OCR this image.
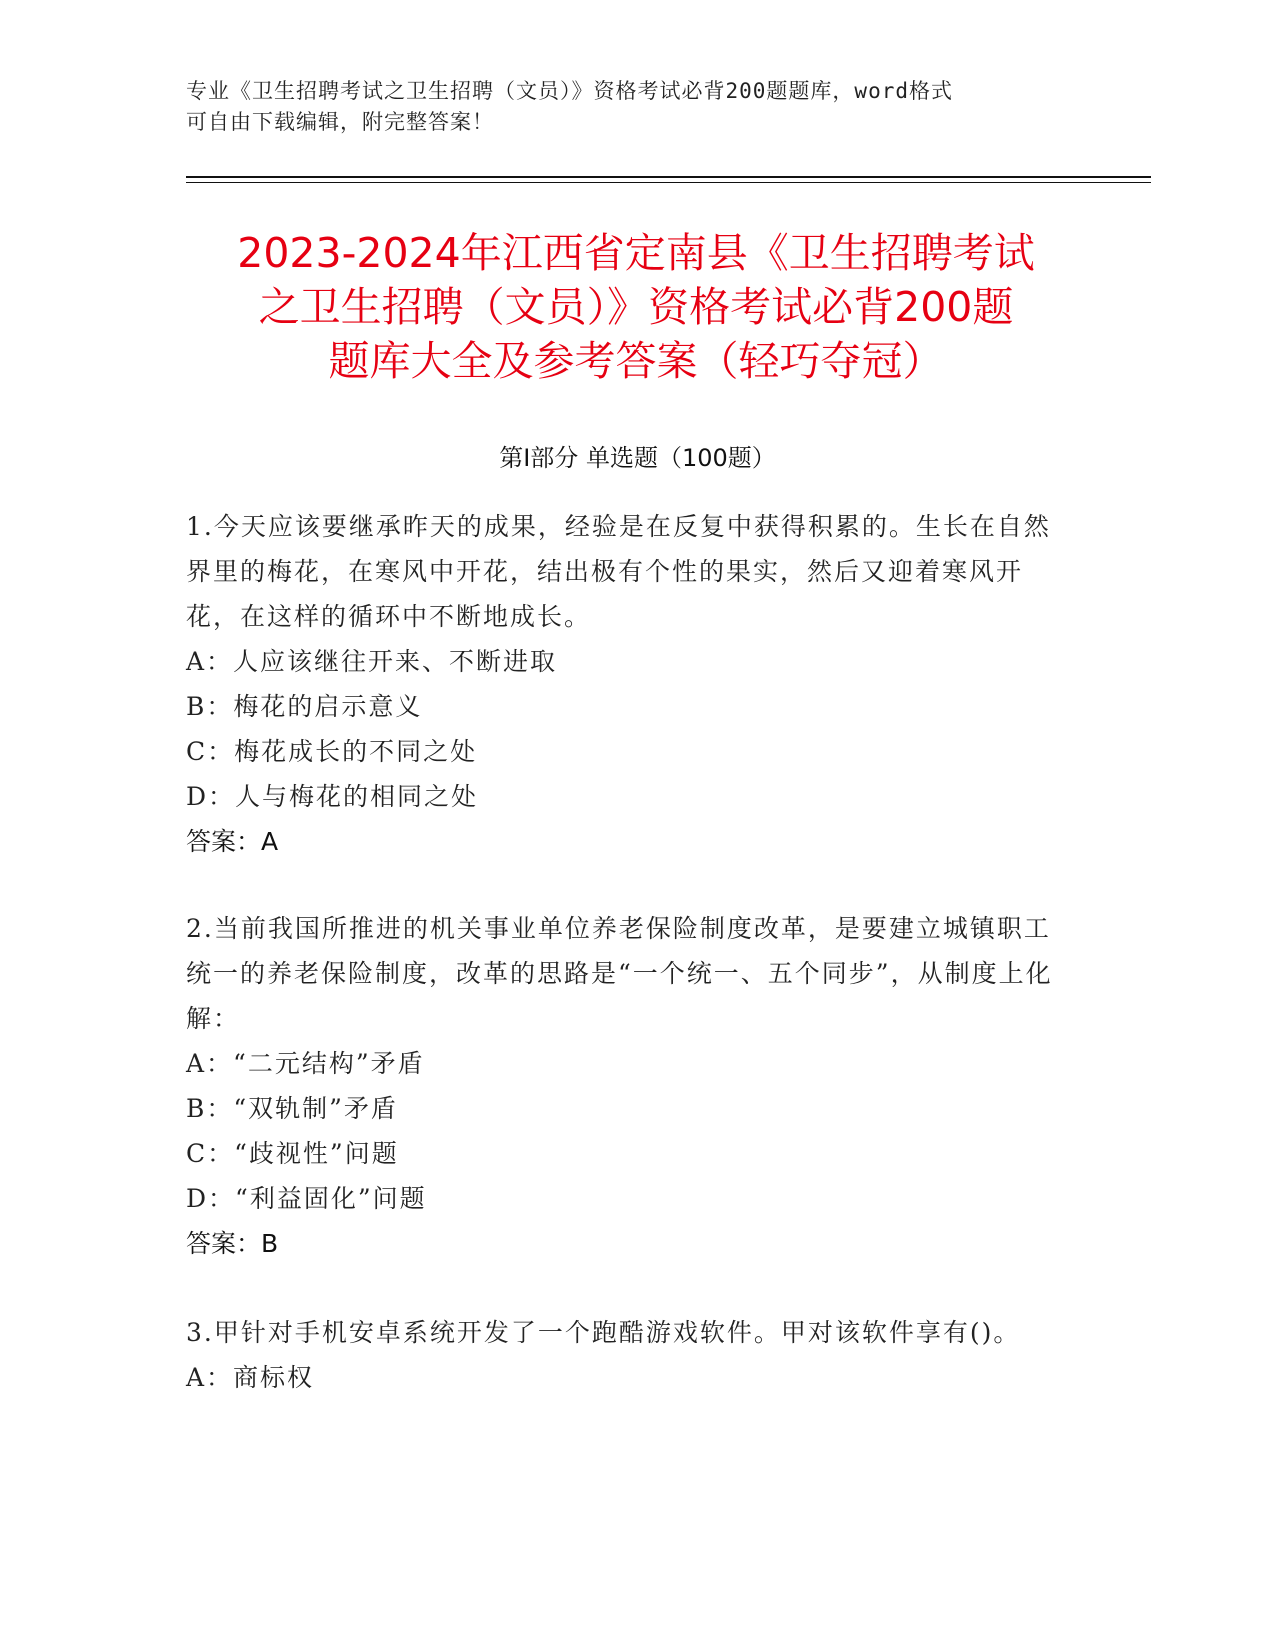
专业《卫生招聘考试之卫生招聘（文员）》资格考试必背200题题库，word格式
可自由下载编辑，附完整答案！
2023-2024年江西省定南县《卫生招聘考试
之卫生招聘（文员）》资格考试必背200题
题库大全及参考答案（轻巧夺冠）
第Ⅰ部分 单选题（100题）

1.今天应该要继承昨天的成果，经验是在反复中获得积累的。生长在自然界里的梅花，在寒风中开花，结出极有个性的果实，然后又迎着寒风开花，在这样的循环中不断地成长。

A：人应该继往开来、不断进取

B：梅花的启示意义

C：梅花成长的不同之处

D：人与梅花的相同之处

答案：A

2.当前我国所推进的机关事业单位养老保险制度改革，是要建立城镇职工统一的养老保险制度，改革的思路是“一个统一、五个同步”，从制度上化解：

A：“二元结构”矛盾

B：“双轨制”矛盾

C：“歧视性”问题

D：“利益固化”问题

答案：B

3.甲针对手机安卓系统开发了一个跑酷游戏软件。甲对该软件享有()。

A：商标权
